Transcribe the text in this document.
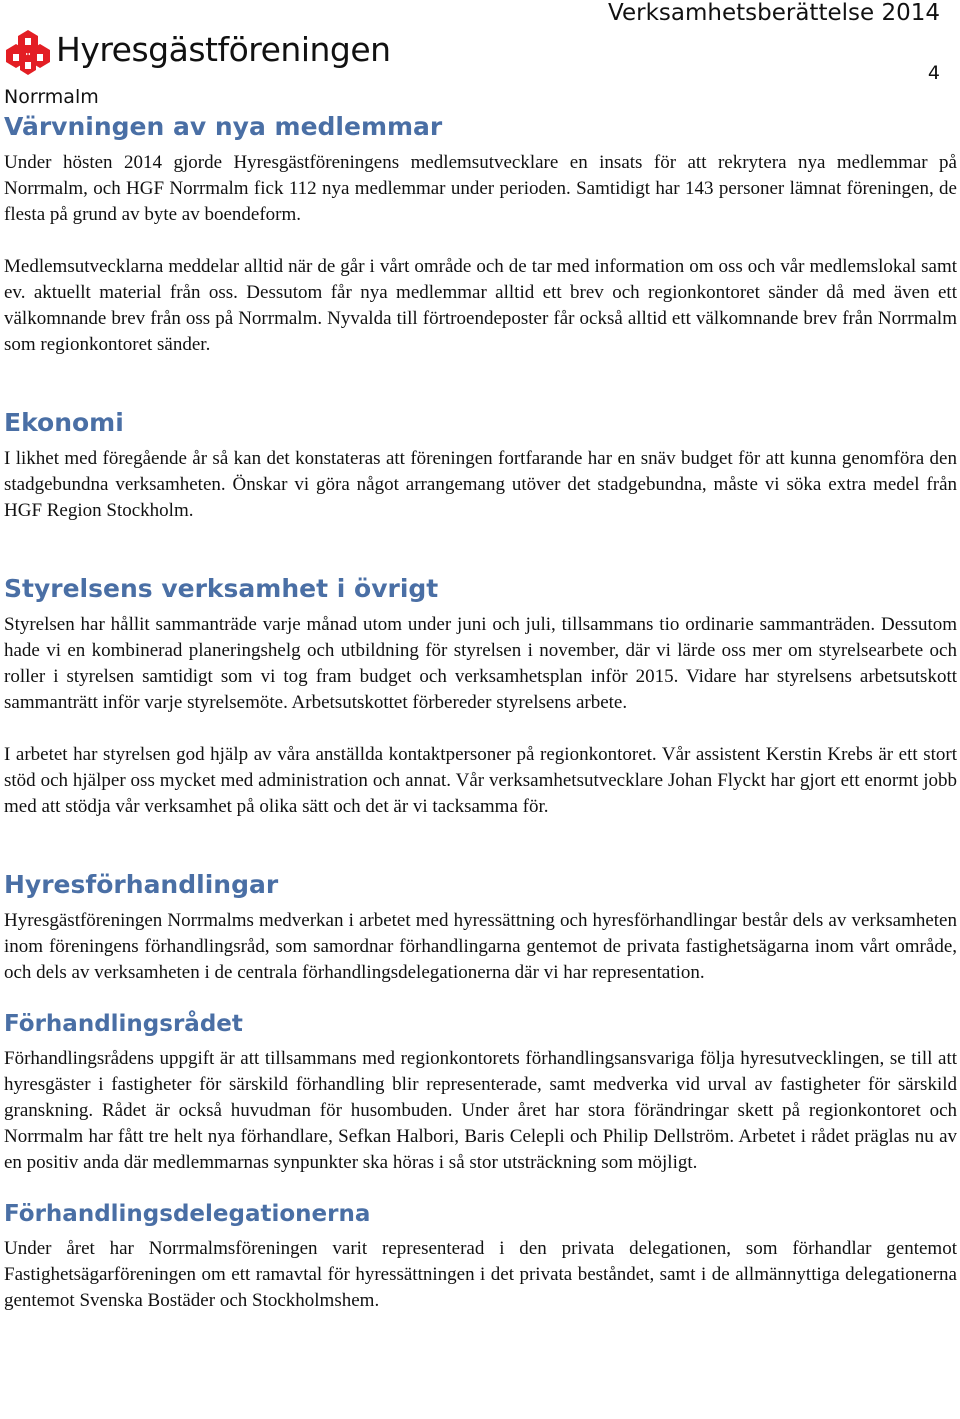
Hyresgästföreningen
Verksamhetsberättelse 2014
4
Norrmalm
Värvningen av nya medlemmar

Under hösten 2014 gjorde Hyresgästföreningens medlemsutvecklare en insats för att rekrytera nya medlemmar på Norrmalm, och HGF Norrmalm fick 112 nya medlemmar under perioden. Samtidigt har 143 personer lämnat föreningen, de flesta på grund av byte av boendeform.

Medlemsutvecklarna meddelar alltid när de går i vårt område och de tar med information om oss och vår medlemslokal samt ev. aktuellt material från oss. Dessutom får nya medlemmar alltid ett brev och regionkontoret sänder då med även ett välkomnande brev från oss på Norrmalm. Nyvalda till förtroendeposter får också alltid ett välkomnande brev från Norrmalm som regionkontoret sänder.

Ekonomi

I likhet med föregående år så kan det konstateras att föreningen fortfarande har en snäv budget för att kunna genomföra den stadgebundna verksamheten. Önskar vi göra något arrangemang utöver det stadgebundna, måste vi söka extra medel från HGF Region Stockholm.

Styrelsens verksamhet i övrigt

Styrelsen har hållit sammanträde varje månad utom under juni och juli, tillsammans tio ordinarie sammanträden. Dessutom hade vi en kombinerad planeringshelg och utbildning för styrelsen i november, där vi lärde oss mer om styrelsearbete och roller i styrelsen samtidigt som vi tog fram budget och verksamhetsplan inför 2015. Vidare har styrelsens arbetsutskott sammanträtt inför varje styrelsemöte. Arbetsutskottet förbereder styrelsens arbete.

I arbetet har styrelsen god hjälp av våra anställda kontaktpersoner på regionkontoret. Vår assistent Kerstin Krebs är ett stort stöd och hjälper oss mycket med administration och annat. Vår verksamhetsutvecklare Johan Flyckt har gjort ett enormt jobb med att stödja vår verksamhet på olika sätt och det är vi tacksamma för.

Hyresförhandlingar

Hyresgästföreningen Norrmalms medverkan i arbetet med hyressättning och hyresförhandlingar består dels av verksamheten inom föreningens förhandlingsråd, som samordnar förhandlingarna gentemot de privata fastighetsägarna inom vårt område, och dels av verksamheten i de centrala förhandlingsdelegationerna där vi har representation.

Förhandlingsrådet

Förhandlingsrådens uppgift är att tillsammans med regionkontorets förhandlingsansvariga följa hyresutvecklingen, se till att hyresgäster i fastigheter för särskild förhandling blir representerade, samt medverka vid urval av fastigheter för särskild granskning. Rådet är också huvudman för husombuden. Under året har stora förändringar skett på regionkontoret och Norrmalm har fått tre helt nya förhandlare, Sefkan Halbori, Baris Celepli och Philip Dellström. Arbetet i rådet präglas nu av en positiv anda där medlemmarnas synpunkter ska höras i så stor utsträckning som möjligt.

Förhandlingsdelegationerna

Under året har Norrmalmsföreningen varit representerad i den privata delegationen, som förhandlar gentemot Fastighetsägarföreningen om ett ramavtal för hyressättningen i det privata beståndet, samt i de allmännyttiga delegationerna gentemot Svenska Bostäder och Stockholmshem.
